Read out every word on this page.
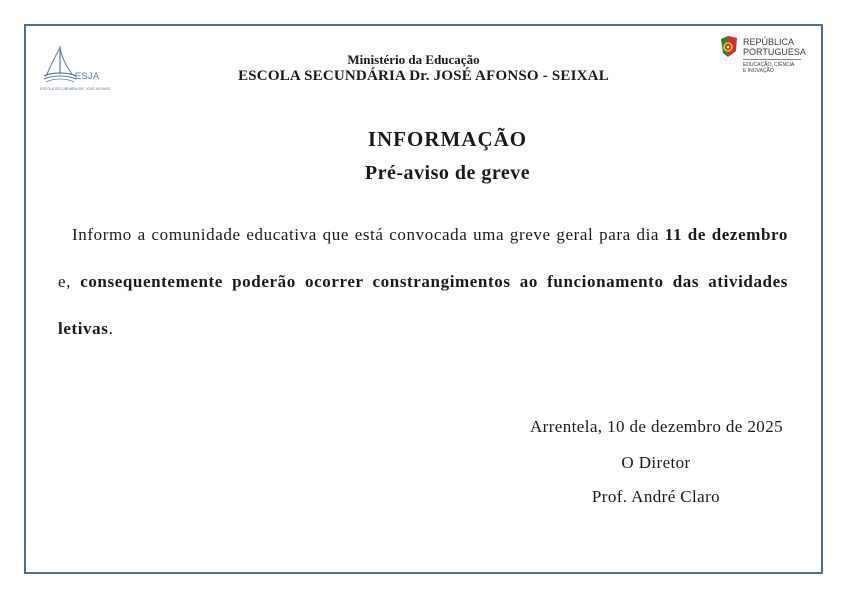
ESJA
ESCOLA SECUNDÁRIA DR. JOSÉ AFONSO
Ministério da Educação
ESCOLA SECUNDÁRIA Dr. JOSÉ AFONSO - SEIXAL
REPÚBLICA
PORTUGUESA
EDUCAÇÃO, CIÊNCIA
E INOVAÇÃO
INFORMAÇÃO
Pré-aviso de greve
Informo a comunidade educativa que está convocada uma greve geral para dia 11 de dezembro e, consequentemente poderão ocorrer constrangimentos ao funcionamento das atividades letivas.
Arrentela, 10 de dezembro de 2025
O Diretor
Prof. André Claro
